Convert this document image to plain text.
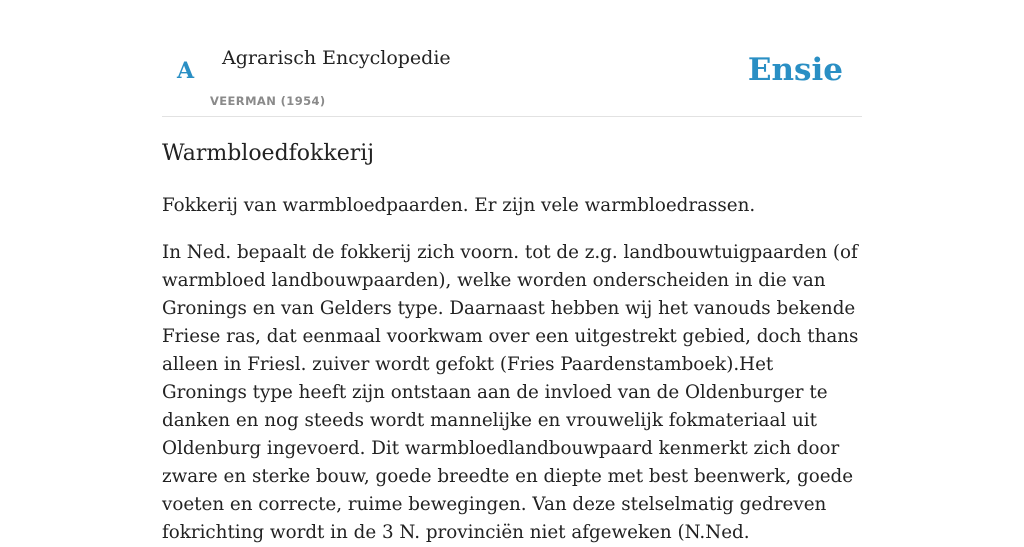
A Agrarisch Encyclopedie
VEERMAN (1954)
Ensie
Warmbloedfokkerij

Fokkerij van warmbloedpaarden. Er zijn vele warmbloedrassen.

In Ned. bepaalt de fokkerij zich voorn. tot de z.g. landbouwtuigpaarden (of warmbloed landbouwpaarden), welke worden onderscheiden in die van Gronings en van Gelders type. Daarnaast hebben wij het vanouds bekende Friese ras, dat eenmaal voorkwam over een uitgestrekt gebied, doch thans alleen in Friesl. zuiver wordt gefokt (Fries Paardenstamboek).Het Gronings type heeft zijn ontstaan aan de invloed van de Oldenburger te danken en nog steeds wordt mannelijke en vrouwelijk fokmateriaal uit Oldenburg ingevoerd. Dit warmbloedlandbouwpaard kenmerkt zich door zware en sterke bouw, goede breedte en diepte met best beenwerk, goede voeten en correcte, ruime bewegingen. Van deze stelselmatig gedreven fokrichting wordt in de 3 N. provinciën niet afgeweken (N.Ned.
